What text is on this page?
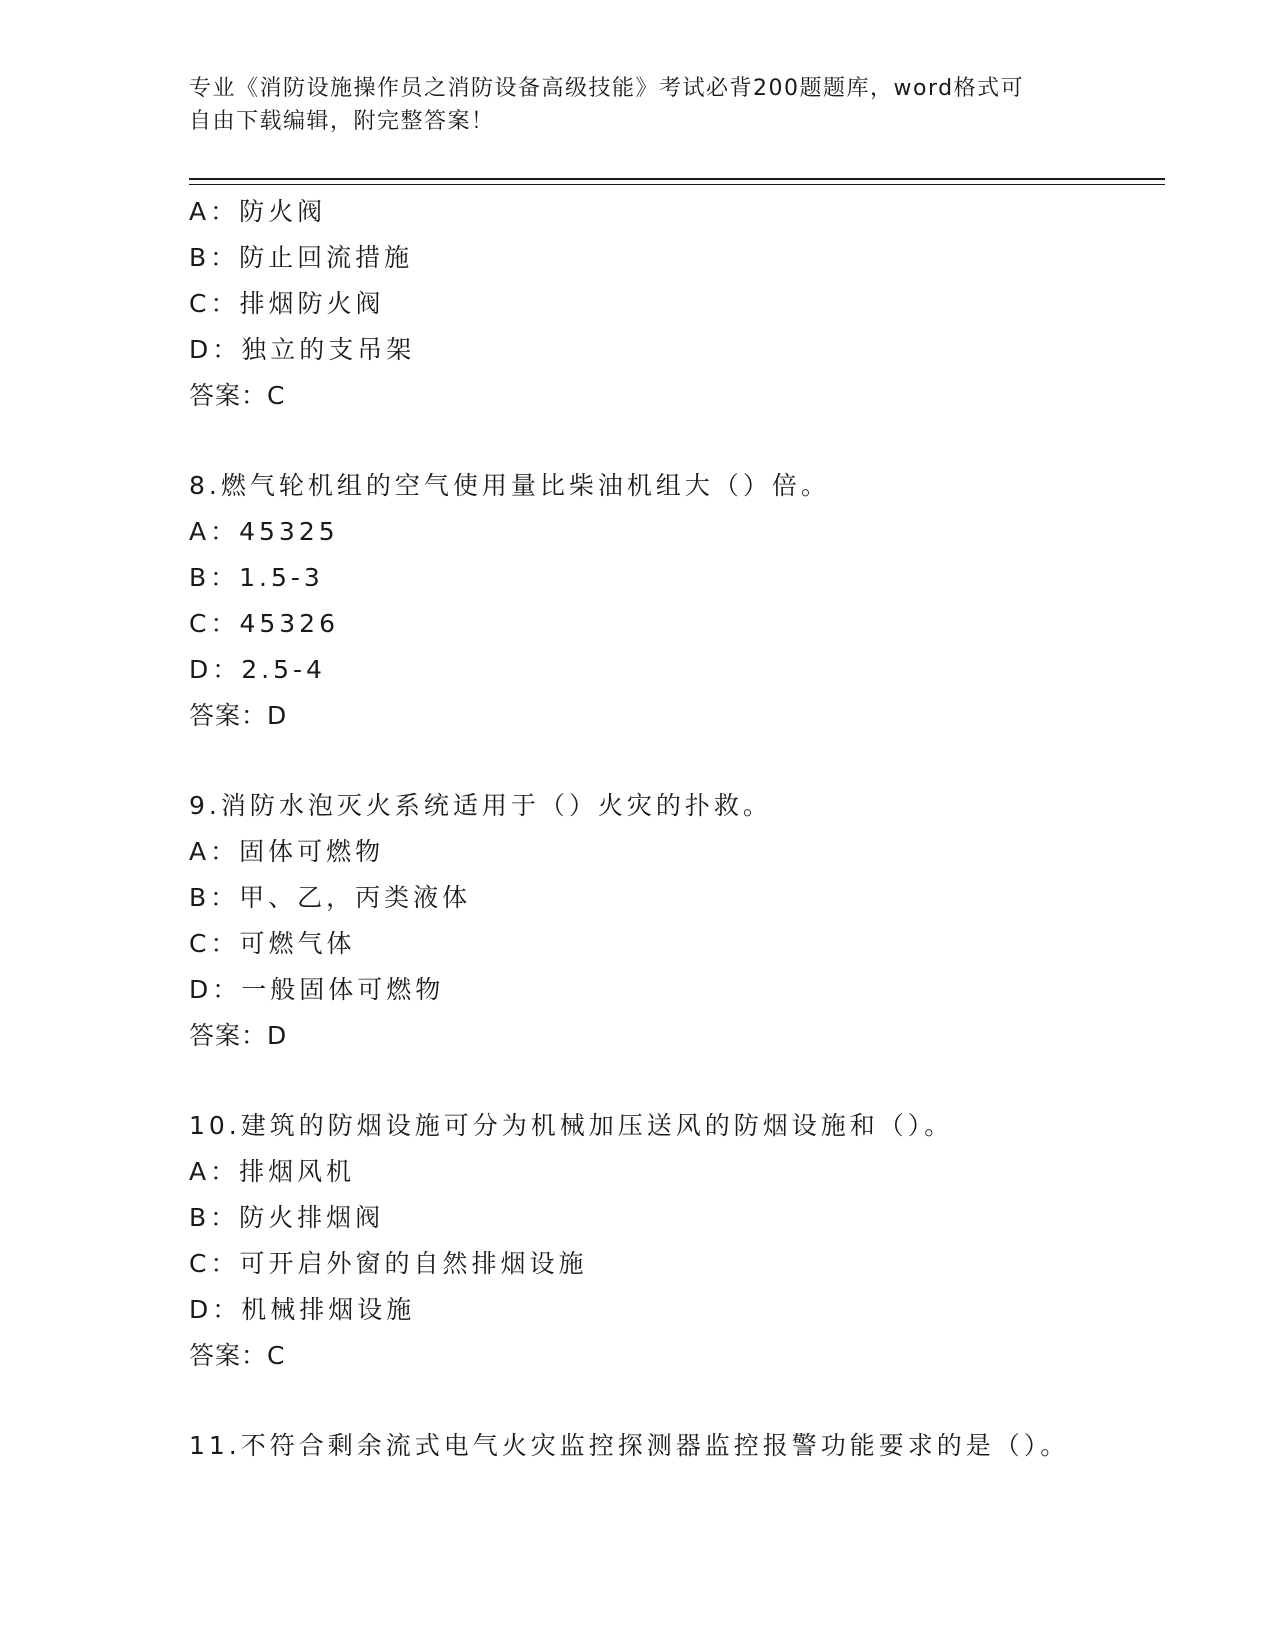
专业《消防设施操作员之消防设备高级技能》考试必背200题题库，word格式可
自由下载编辑，附完整答案！
A：防火阀
B：防止回流措施
C：排烟防火阀
D：独立的支吊架
答案：C
8.燃气轮机组的空气使用量比柴油机组大（）倍。
A：45325
B：1.5-3
C：45326
D：2.5-4
答案：D
9.消防水泡灭火系统适用于（）火灾的扑救。
A：固体可燃物
B：甲、乙，丙类液体
C：可燃气体
D：一般固体可燃物
答案：D
10.建筑的防烟设施可分为机械加压送风的防烟设施和（）。
A：排烟风机
B：防火排烟阀
C：可开启外窗的自然排烟设施
D：机械排烟设施
答案：C
11.不符合剩余流式电气火灾监控探测器监控报警功能要求的是（）。
